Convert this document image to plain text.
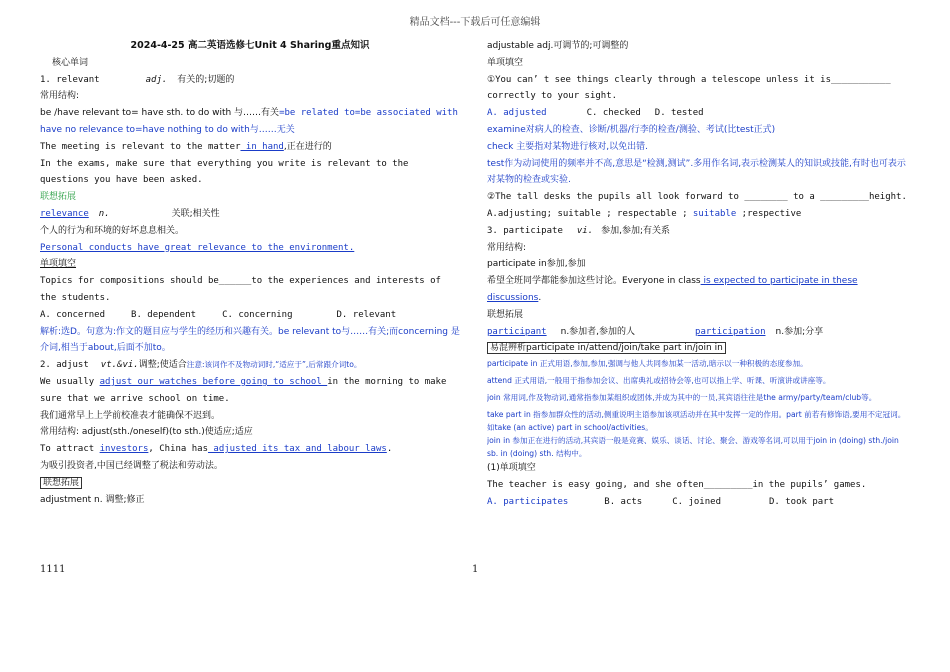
精品文档---下载后可任意编辑
2024-4-25 高二英语选修七Unit 4 Sharing重点知识
核心单词
1. relevant	adj. 有关的;切题的
常用结构:
be /have relevant to= have sth. to do with 与……有关=be related to=be associated with
have no relevance to=have nothing to do with与……无关
The meeting is relevant to the matter in hand,正在进行的
In the exams, make sure that everything you write is relevant to the questions you have been asked.
联想拓展
relevance n.	关联;相关性
个人的行为和环境的好坏息息相关。
Personal conducts have great relevance to the environment.
单项填空
Topics for compositions should be______to the experiences and interests of the students.
A. concerned	B. dependent	C. concerning	D. relevant
解析:选D。句意为:作文的题目应与学生的经历和兴趣有关。be relevant to与……有关;而concerning 是介词,相当于about,后面不加to。
2. adjust vt.&vi.调整;使适合注意:该词作不及物动词时,“适应于”,后常跟介词to。
We usually adjust our watches before going to school in the morning to make sure that we arrive school on time.
我们通常早上上学前校准表才能确保不迟到。
常用结构: adjust(sth./oneself)(to sth.)使适应;适应
To attract investors, China has adjusted its tax and labour laws.
为吸引投资者,中国已经调整了税法和劳动法。
联想拓展
adjustment n. 调整;修正
adjustable adj.可调节的;可调整的
单项填空
①You can’ t see things clearly through a telescope unless it is___________ correctly to your sight.
A. adjusted	C. checked D. tested
examine对病人的检查、诊断/机器/行李的检查/测验、考试(比test正式)
check 主要指对某物进行核对,以免出错.
test作为动词使用的频率并不高,意思是“检测,测试”.多用作名词,表示检测某人的知识或技能,有时也可表示对某物的检查或实验.
②The tall desks the pupils all look forward to ________ to a _________height.
A.adjusting; suitable ; respectable ; suitable ;respective
3. participate vi. 参加,参加;有关系
常用结构:
participate in参加,参加
希望全班同学都能参加这些讨论。Everyone in class is expected to participate in these discussions.
联想拓展
participant n.参加者,参加的人	participation n.参加;分享
易混辨析participate in/attend/join/take part in/join in
participate in 正式用语,参加,参加,强调与他人共同参加某一活动,暗示以一种积极的态度参加。
attend 正式用语,一般用于指参加会议、出席典礼或招待会等,也可以指上学、听课、听演讲或讲座等。
join 常用词,作及物动词,通常指参加某组织或团体,并成为其中的一员,其宾语往往是the army/party/team/club等。
take part in 指参加群众性的活动,侧重说明主语参加该项活动并在其中发挥一定的作用。part 前若有修饰语,要用不定冠词。如take (an active) part in school/activities。
join in 参加正在进行的活动,其宾语一般是竞赛、娱乐、谈话、讨论、聚会、游戏等名词,可以用于join in (doing) sth./join sb. in (doing) sth. 结构中。
(1)单项填空
The teacher is easy going, and she often_________in the pupils’ games.
A. participates	B. acts	C. joined	D. took part
1111	1
